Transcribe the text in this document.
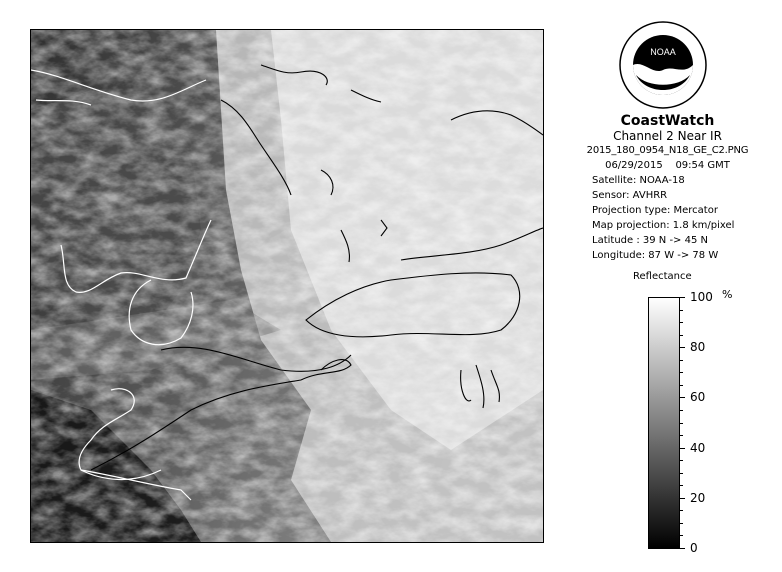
NOAA
CoastWatch
Channel 2 Near IR
2015_180_0954_N18_GE_C2.PNG
06/29/2015 09:54 GMT
Satellite: NOAA-18
Sensor: AVHRR
Projection type: Mercator
Map projection: 1.8 km/pixel
Latitude : 39 N -> 45 N
Longitude: 87 W -> 78 W
Reflectance
%
100
80
60
40
20
0
